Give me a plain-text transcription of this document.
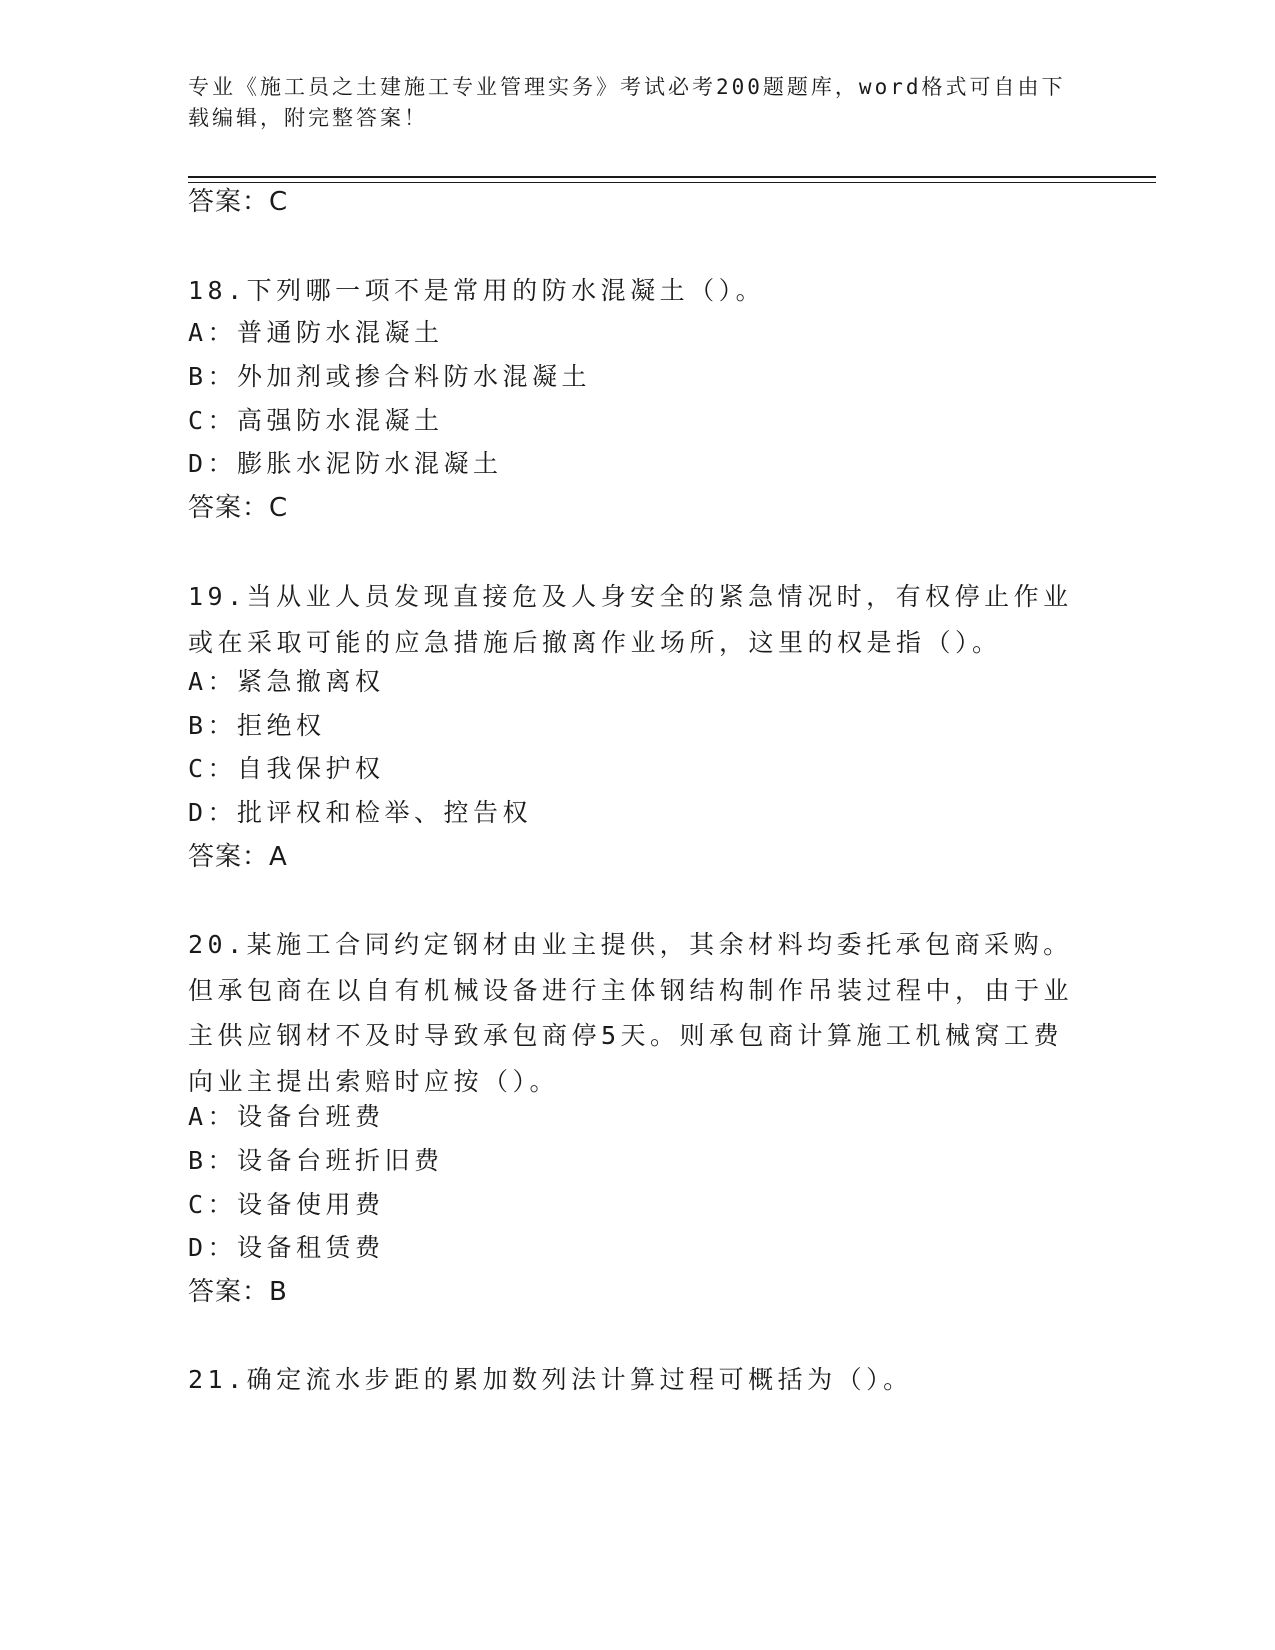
专业《施工员之土建施工专业管理实务》考试必考200题题库，word格式可自由下载编辑，附完整答案！
答案：C
18.下列哪一项不是常用的防水混凝土（）。
A：普通防水混凝土
B：外加剂或掺合料防水混凝土
C：高强防水混凝土
D：膨胀水泥防水混凝土
答案：C
19.当从业人员发现直接危及人身安全的紧急情况时，有权停止作业或在采取可能的应急措施后撤离作业场所，这里的权是指（）。
A：紧急撤离权
B：拒绝权
C：自我保护权
D：批评权和检举、控告权
答案：A
20.某施工合同约定钢材由业主提供，其余材料均委托承包商采购。但承包商在以自有机械设备进行主体钢结构制作吊装过程中，由于业主供应钢材不及时导致承包商停5天。则承包商计算施工机械窝工费向业主提出索赔时应按（）。
A：设备台班费
B：设备台班折旧费
C：设备使用费
D：设备租赁费
答案：B
21.确定流水步距的累加数列法计算过程可概括为（）。
